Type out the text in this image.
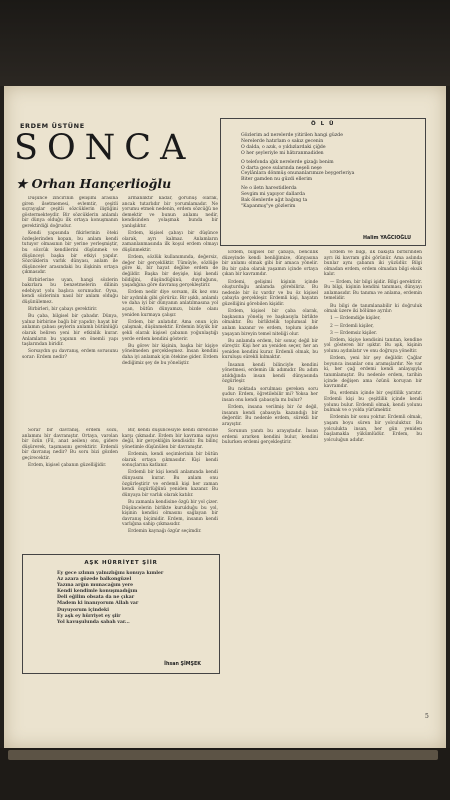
ERDEM ÜSTÜNE
SONCA
★ Orhan Hançerlioğlu
Ö L Ü
Gözlerim ad nerelerde yitirilen hangi güzde
Nerelerde hatırlam o sakız gecenin
O dalda, o azık, o yıldızlardaki çiğde
O her şeyleriyle mi hâtıranmadiden
O telefonda ığık nerelerde gizağı benim
O darta gece sularında neşeli neşe
Ceylânlara dönmüş onunanlarımıze beygerleriya
Biter gamden nu güzdi ellerim
Ne o iletn harestidlerda
Sevgim mi yapıyor dallarda
Bak ölenlerde ağıt bağıng ta
"Kapanmış"ye gözlerim
Halim YAĞCIOĞLU

Düşünce zincirinin gelişimi arasına giren ilsetmemesi, evlemtir, çeşitli sıçrayışlar çeşitli sözcüklerin iliştiğini göstermekteydir. Bir sözcüklerin anlamlı bir dünya olduğu ilk ortaya konuşmanın gerektirdiği doğrudur.

Kendi yapısında fikirlerinin öteki özdeşlerinden kopan, bu anlam kendi tutuyor olmasının bir yerine yerleşmiştir, bu sözcük kendilerini düşünmek ve düşünceyi başka bir etkiyi yapılır. Sözcüklerin varlık dünyası, anlam ile düşünceler arasındaki bu ilişkinin ortaya çıkmasıdır.

Birbirlerine uyan, hangi sözlerin bakırlara bu benzetmelerin dilinin edebiyat yolu başlıca sorunudur. Oysa, kendi sözlerinin nasıl bir anlam olduğu düşünülemez.

Birbirleri, bir çabayı gerektirir.

Bu çaba, bilgisel bir çabadır. Dünya, yalnız birbirine bağlı bir yapıdır; hayat bir anlamın çabası şeylerin anlamlı bütünlüğü olarak beliren yeni bir etkinlik kurar. Anlamların bu yapının en önemli yapı taşlarından biridir.

Sorsaydın şu davranış, erdem sorusunu sorar: Erdem nedir?

Sorar bir davranış, erdem sözü, anlamını bir davranıştır. Ortaya, varolan bir özün (Fil, anat aeilen) onu, gidere düşürerek, taşımasını gerektirir. Erdemli bir davranış nedir? Bu soru bizi gözden geçirecektir.

Erdem, kişisel çabanın güzelliğidir.

armanlıktır kadar, görünüş olarak, ancak tutarlıdır bir yorumlamadır. Ne yorumu etmek nedenin, erdem sözcüğü ne demektir ve bunun anlamı nedir, kendisinden yolaşmak bunda bir yanlışlıktır.

Erdem, kişisel çabayı bir düşünce olarak, ayrı kalmaz. Anlamların zamanlanmasında ilk koşul erdem olmayı düşünmektir.

Erdem, sözlük kullanımında, değersiz, değer bir gerçekliktir. Tümüyle, sözlüğe göre ki, bir hayat değilse erdem de değildir. Başka bir deyişle, kişi kendi bildiğini, düşündüğünü, duyduğunu, yaşadığına göre davranış gerçekleştirir.

Erdem nedir diye sorsam, ilk kez onu bir aydınlık gibi görürüz. Bir ışıklı, anlamlı ve daha iyi bir dünyanın anlatılmasına yol açan, bütün dünyamızı, bizde olanı yeniden kurmaya çalışır.

Erdem, bir anlatıdır. Ama onun için çalışmak, düşünmektir. Erdemin büyük bir şekli olarak kişisel çabanın yoğunlaştığı yerde erdem kendini gösterir.

Bu görev bir kişinin, başka bir kişiye yönelmeden gerçekleşmez. İnsan kendini daha iyi anlamak için ötekine gider. Erdem dediğimiz şey de bu yöneliştir.

Bir, kendi düşüncesiyle kendi direncine karşı çıkmadır. Erdem bir kavrama sayısı değil, bir gerçekliğin kendisidir. Bu bilinç yönetimle düşünülen bir davranıştır.

Erdemin, kendi seçimlerinin bir bütün olarak ortaya çıkmasıdır. Kişi kendi sonuçlarına katlanır.

Erdemli bir kişi kendi anlamında kendi dünyasını kurar. Bu anlam onu özgürleştirir ve erdemli kişi her zaman kendi özgürlüğünü yeniden kazanır. Bu dünyaya bir varlık olarak katılır.

Bu zamanla kendisine özgü bir yol çizer. Düşüncelerin birlikte kurulduğu bu yol, kişinin kendisi olmasını sağlayan bir davranış biçimidir. Erdem, insanın kendi varlığına sahip çıkmasıdır.

Erdemin kaynağı özgür seçimdir.

Erdem, bilgisel bir çabaya, bencillik düzeyinde kendi benliğimize, dünyasına bir anlamı olmak gibi bir amaca yönelir. Bu bir çaba olarak yaşamın içinde ortaya çıkan bir kavramdır.

Erdemi, gelişimi kişinin içinde oluşturduğu anlamda görebiliriz. Bu nedenle bir öz vardır ve bu öz kişisel çabayla gerçekleşir. Erdemli kişi, hayatın güzelliğini görebilen kişidir.

Erdem, kişisel bir çaba olarak, başkasına yöneliş ve başkasıyla birlikte olmaktır. Bu birliktelik toplumsal bir anlam kazanır ve erdem, toplum içinde yaşayan bireyin temel niteliği olur.

Bu anlamda erdem, bir sonuç değil bir süreçtir. Kişi her an yeniden seçer, her an yeniden kendini kurar. Erdemli olmak, bu kuruluşu sürekli kılmaktır.

İnsanın kendi bilinciyle kendini yönetmesi, erdemin ilk adımıdır. Bu adım atıldığında insan kendi dünyasında özgürleşir.

Bu noktada sorulması gereken soru şudur: Erdem, öğretilebilir mi? Yoksa her insan onu kendi çabasıyla mı bulur?

Erdem, insana verilmiş bir öz değil, insanın kendi çabasıyla kazandığı bir değerdir. Bu nedenle erdem, sürekli bir arayıştır.

Sorunun yanıtı bu arayıştadır. İnsan erdemi ararken kendini bulur, kendini bulurken erdemi gerçekleştirir.

Erdem ve bilgi, ilk bakışta birbirinden ayrı iki kavram gibi görünür. Ama aslında bunlar aynı çabanın iki yüzüdür. Bilgi olmadan erdem, erdem olmadan bilgi eksik kalır.

— Erdem, bir bilgi işidir. Bilgi gerektirir. Bu bilgi, kişinin kendini tanıması, dünyayı anlamasıdır. Bu tanıma ve anlama, erdemin temelidir.

Bu bilgi de tanımlanabilir ki doğruluk olmak üzere iki bölüme ayrılır:

1 — Erdemdiğe kişiler,

2 — Erdemli kişiler,

3 — Erdemsiz kişiler.

Erdem, kişiye kendisini tanıtan, kendine yol gösteren bir ışıktır. Bu ışık, kişinin yolunu aydınlatır ve onu doğruya yöneltir.

Erdem, yeni bir şey değildir. Çağlar boyunca insanlar onu aramışlardır. Ne var ki, her çağ erdemi kendi anlayışıyla tanımlamıştır. Bu nedenle erdem, tarihin içinde değişen ama özünü koruyan bir kavramdır.

Bu, erdemin içinde bir çeşitlilik yaratır. Erdemli kişi bu çeşitlilik içinde kendi yolunu bulur. Erdemli olmak, kendi yolunu bulmak ve o yolda yürümektir.

Erdemin bir sonu yoktur. Erdemli olmak, yaşam boyu süren bir yolculuktur. Bu yolculukta insan, her gün yeniden başlamakla yükümlüdür. Erdem, bu yolculuğun adıdır.

AŞK HÜRRİYET ŞİİR
Ey gece ızlının yalnızlığını konuya kımler
Az azara gözede balkongüzel
Yazına arğın munacağım yere
Kendi kendimle konuşmadığım
Deli eğilim obsata da ne çıkar
Madem ki inanıyorum Allah var
Duyuyorum içindeki
Ey aşk ey hürriyet ey şiir
Yol kavuşulunda sabah var...
İhsan ŞİMŞEK
5
